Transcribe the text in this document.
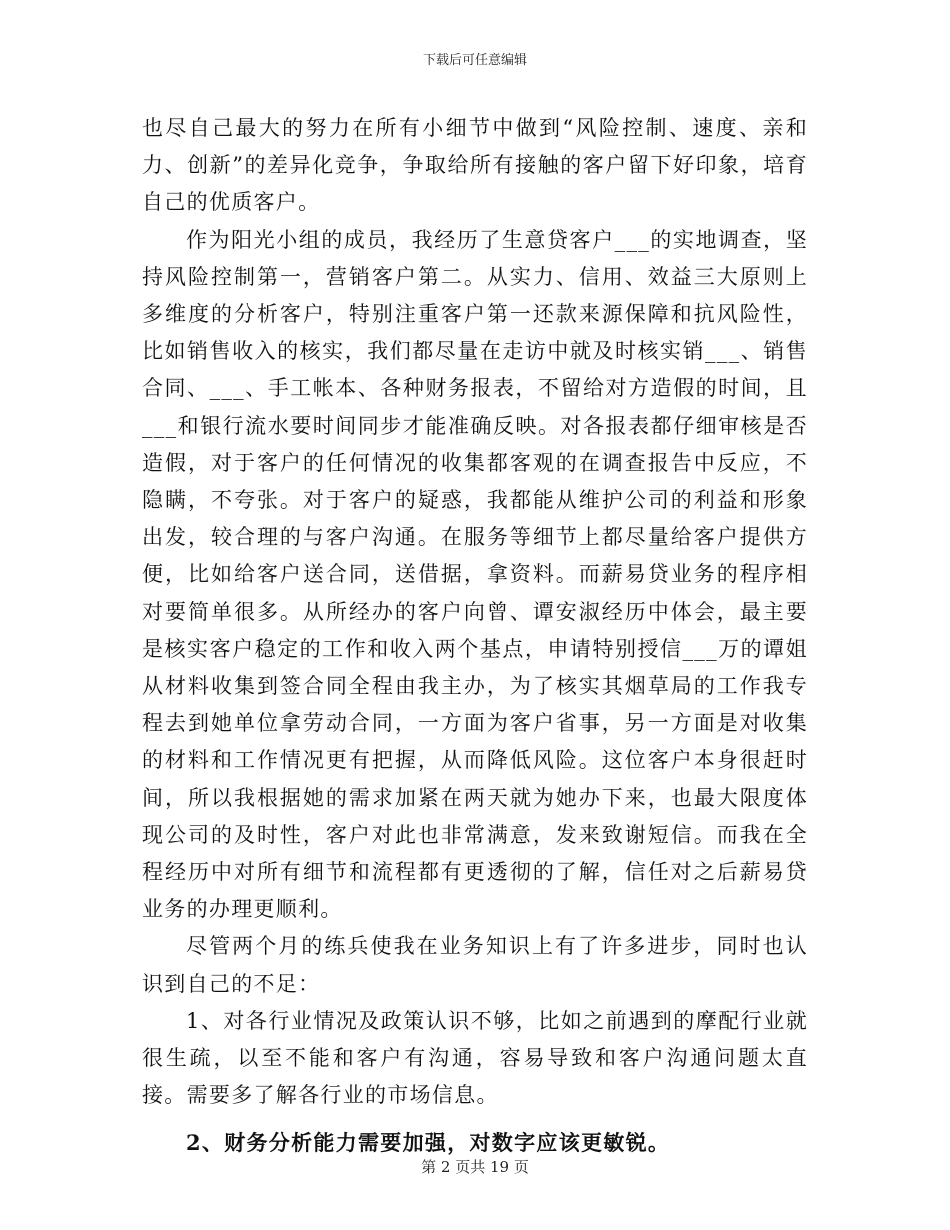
下载后可任意编辑

也尽自己最大的努力在所有小细节中做到“风险控制、速度、亲和力、创新”的差异化竞争，争取给所有接触的客户留下好印象，培育自己的优质客户。

作为阳光小组的成员，我经历了生意贷客户___的实地调查，坚持风险控制第一，营销客户第二。从实力、信用、效益三大原则上多维度的分析客户，特别注重客户第一还款来源保障和抗风险性，比如销售收入的核实，我们都尽量在走访中就及时核实销___、销售合同、___、手工帐本、各种财务报表，不留给对方造假的时间，且___和银行流水要时间同步才能准确反映。对各报表都仔细审核是否造假，对于客户的任何情况的收集都客观的在调查报告中反应，不隐瞒，不夸张。对于客户的疑惑，我都能从维护公司的利益和形象出发，较合理的与客户沟通。在服务等细节上都尽量给客户提供方便，比如给客户送合同，送借据，拿资料。而薪易贷业务的程序相对要简单很多。从所经办的客户向曾、谭安淑经历中体会，最主要是核实客户稳定的工作和收入两个基点，申请特别授信___万的谭姐从材料收集到签合同全程由我主办，为了核实其烟草局的工作我专程去到她单位拿劳动合同，一方面为客户省事，另一方面是对收集的材料和工作情况更有把握，从而降低风险。这位客户本身很赶时间，所以我根据她的需求加紧在两天就为她办下来，也最大限度体现公司的及时性，客户对此也非常满意，发来致谢短信。而我在全程经历中对所有细节和流程都有更透彻的了解，信任对之后薪易贷业务的办理更顺利。

尽管两个月的练兵使我在业务知识上有了许多进步，同时也认识到自己的不足：

1、对各行业情况及政策认识不够，比如之前遇到的摩配行业就很生疏，以至不能和客户有沟通，容易导致和客户沟通问题太直接。需要多了解各行业的市场信息。

2、财务分析能力需要加强，对数字应该更敏锐。

第 2 页共 19 页
